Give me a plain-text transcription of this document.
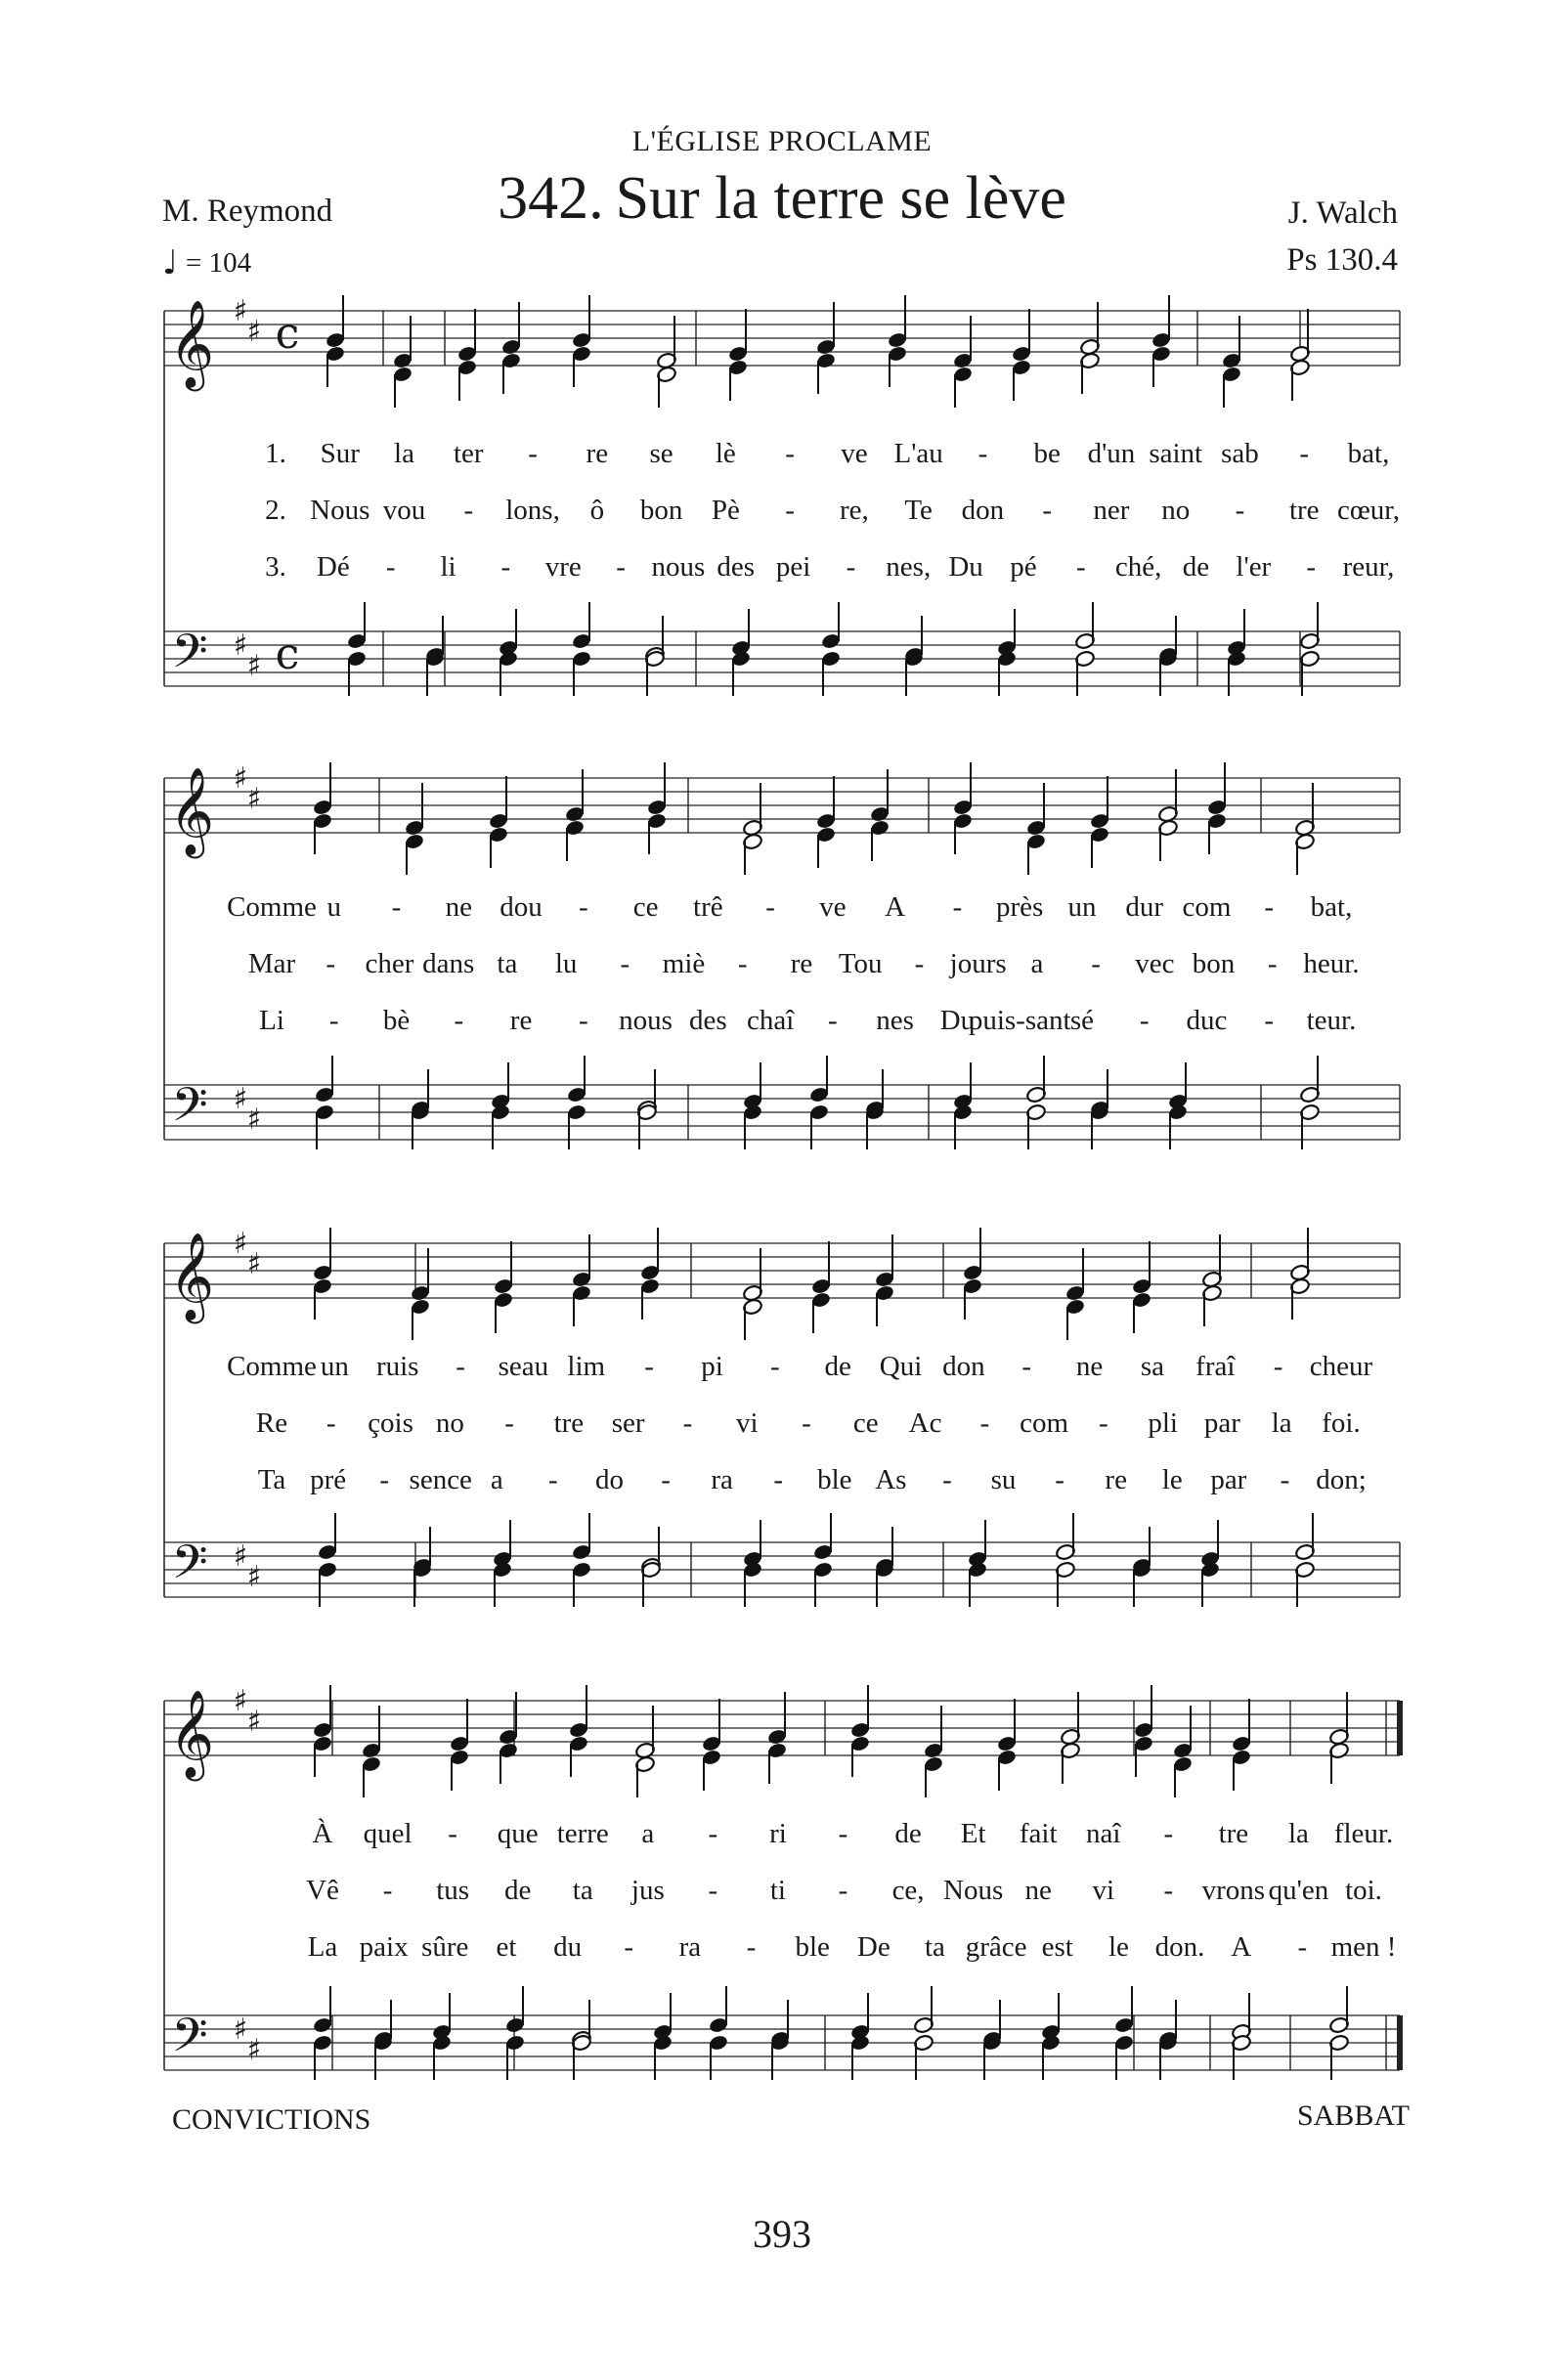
L'ÉGLISE PROCLAME
M. Reymond
♩ = 104
342. Sur la terre se lève	J. Walch
Ps 130.4
𝄞
𝄢
♯
♯
♯
♯
c
c
𝄞
𝄢
♯
♯
♯
♯
𝄞
𝄢
♯
♯
♯
♯
𝄞
𝄢
♯
♯
♯
♯
1. Sur la ter - re se lè - ve L'au - be d'un saint sab - bat,
2. Nous vou - lons, ô bon Pè - re, Te don - ner no - tre cœur,
3. Dé - li - vre - nous des pei - nes, Du pé - ché, de l'er - reur,
Comme u - ne dou - ce trê - ve A - près un dur com - bat,
Mar - cher dans ta lu - miè - re Tou - jours a - vec bon - heur.
Li - bè - re - nous des chaî - nes Du
puis-sant sé - duc - teur.
Comme un ruis - seau lim - pi - de Qui don - ne sa fraî - cheur
Re - çois no - tre ser - vi - ce Ac - com - pli par la foi.
Ta pré - sence a - do - ra - ble As - su - re le par - don;
À quel - que terre a - ri - de Et fait naî - tre la fleur.
Vê - tus de ta jus - ti - ce, Nous ne vi - vrons qu'en toi.
La paix sûre et du - ra - ble De ta grâce est le don. A - men !
CONVICTIONS	SABBAT
393
